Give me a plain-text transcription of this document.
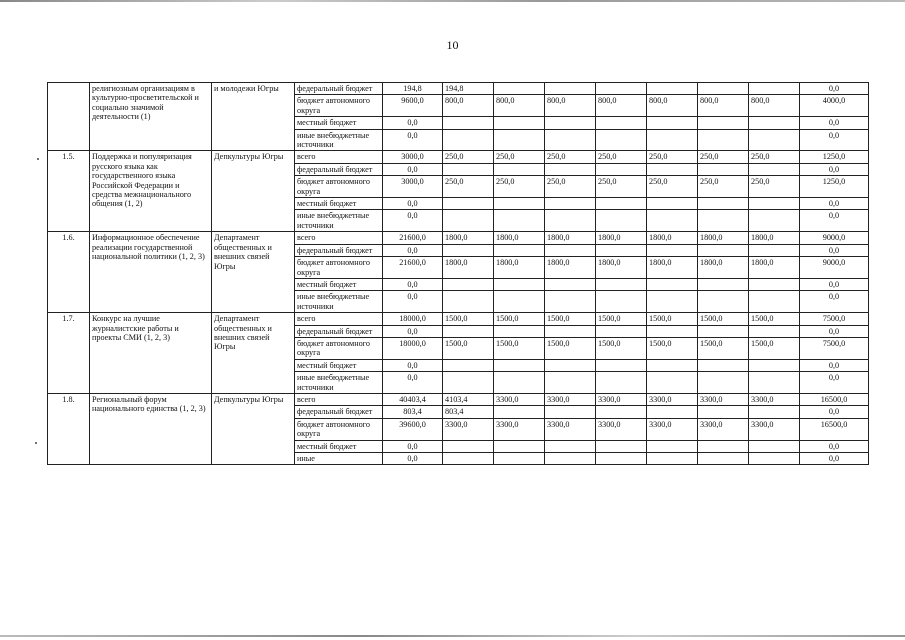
10
	религиозным организациям в культурно-просветительской и социально значимой деятельности (1)	и молодежи Югры	федеральный бюджет	194,8	194,8							0,0
			бюджет автономного округа	9600,0	800,0	800,0	800,0	800,0	800,0	800,0	800,0	4000,0
			местный бюджет	0,0								0,0
			иные внебюджетные источники	0,0								0,0
1.5.	Поддержка и популяризация русского языка как государственного языка Российской Федерации и средства межнационального общения (1, 2)	Депкультуры Югры	всего	3000,0	250,0	250,0	250,0	250,0	250,0	250,0	250,0	1250,0
			федеральный бюджет	0,0								0,0
			бюджет автономного округа	3000,0	250,0	250,0	250,0	250,0	250,0	250,0	250,0	1250,0
			местный бюджет	0,0								0,0
			иные внебюджетные источники	0,0								0,0
1.6.	Информационное обеспечение реализации государственной национальной политики (1, 2, 3)	Департамент общественных и внешних связей Югры	всего	21600,0	1800,0	1800,0	1800,0	1800,0	1800,0	1800,0	1800,0	9000,0
			федеральный бюджет	0,0								0,0
			бюджет автономного округа	21600,0	1800,0	1800,0	1800,0	1800,0	1800,0	1800,0	1800,0	9000,0
			местный бюджет	0,0								0,0
			иные внебюджетные источники	0,0								0,0
1.7.	Конкурс на лучшие журналистские работы и проекты СМИ (1, 2, 3)	Департамент общественных и внешних связей Югры	всего	18000,0	1500,0	1500,0	1500,0	1500,0	1500,0	1500,0	1500,0	7500,0
			федеральный бюджет	0,0								0,0
			бюджет автономного округа	18000,0	1500,0	1500,0	1500,0	1500,0	1500,0	1500,0	1500,0	7500,0
			местный бюджет	0,0								0,0
			иные внебюджетные источники	0,0								0,0
1.8.	Региональный форум национального единства (1, 2, 3)	Депкультуры Югры	всего	40403,4	4103,4	3300,0	3300,0	3300,0	3300,0	3300,0	3300,0	16500,0
			федеральный бюджет	803,4	803,4							0,0
			бюджет автономного округа	39600,0	3300,0	3300,0	3300,0	3300,0	3300,0	3300,0	3300,0	16500,0
			местный бюджет	0,0								0,0
			иные	0,0								0,0
